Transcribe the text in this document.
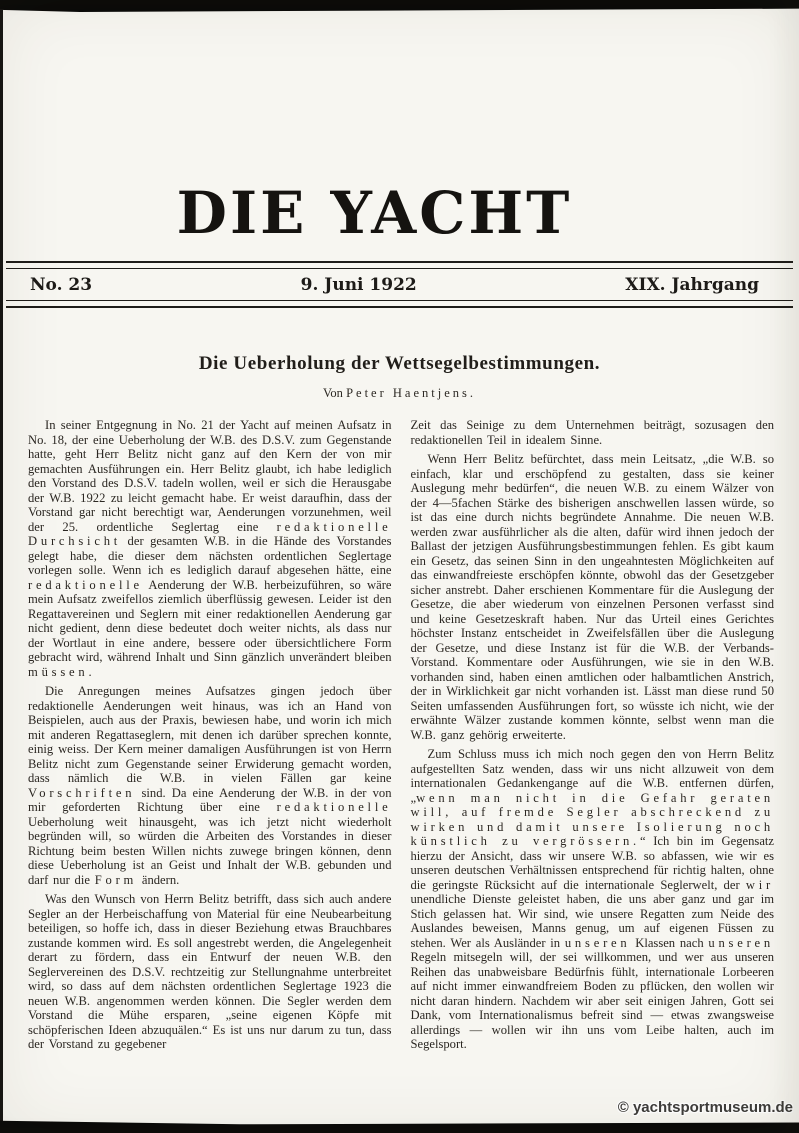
DIE YACHT
No. 23	9. Juni 1922	XIX. Jahrgang
Die Ueberholung der Wettsegelbestimmungen.
Von Peter Haentjens.

In seiner Entgegnung in No. 21 der Yacht auf meinen Aufsatz in No. 18, der eine Ueberholung der W.B. des D.S.V. zum Gegenstande hatte, geht Herr Belitz nicht ganz auf den Kern der von mir gemachten Ausführungen ein. Herr Belitz glaubt, ich habe lediglich den Vorstand des D.S.V. tadeln wollen, weil er sich die Herausgabe der W.B. 1922 zu leicht gemacht habe. Er weist daraufhin, dass der Vorstand gar nicht berechtigt war, Aenderungen vorzunehmen, weil der 25. ordentliche Seglertag eine redaktionelle Durchsicht der gesamten W.B. in die Hände des Vorstandes gelegt habe, die dieser dem nächsten ordentlichen Seglertage vorlegen solle. Wenn ich es lediglich darauf abgesehen hätte, eine redaktionelle Aenderung der W.B. herbeizuführen, so wäre mein Aufsatz zweifellos ziemlich überflüssig gewesen. Leider ist den Regattavereinen und Seglern mit einer redaktionellen Aenderung gar nicht gedient, denn diese bedeutet doch weiter nichts, als dass nur der Wortlaut in eine andere, bessere oder übersichtlichere Form gebracht wird, während Inhalt und Sinn gänzlich unverändert bleiben müssen.

Die Anregungen meines Aufsatzes gingen jedoch über redaktionelle Aenderungen weit hinaus, was ich an Hand von Beispielen, auch aus der Praxis, bewiesen habe, und worin ich mich mit anderen Regattaseglern, mit denen ich darüber sprechen konnte, einig weiss. Der Kern meiner damaligen Ausführungen ist von Herrn Belitz nicht zum Gegenstande seiner Erwiderung gemacht worden, dass nämlich die W.B. in vielen Fällen gar keine Vorschriften sind. Da eine Aenderung der W.B. in der von mir geforderten Richtung über eine redaktionelle Ueberholung weit hinausgeht, was ich jetzt nicht wiederholt begründen will, so würden die Arbeiten des Vorstandes in dieser Richtung beim besten Willen nichts zuwege bringen können, denn diese Ueberholung ist an Geist und Inhalt der W.B. gebunden und darf nur die Form ändern.

Was den Wunsch von Herrn Belitz betrifft, dass sich auch andere Segler an der Herbeischaffung von Material für eine Neubearbeitung beteiligen, so hoffe ich, dass in dieser Beziehung etwas Brauchbares zustande kommen wird. Es soll angestrebt werden, die Angelegenheit derart zu fördern, dass ein Entwurf der neuen W.B. den Seglervereinen des D.S.V. rechtzeitig zur Stellungnahme unterbreitet wird, so dass auf dem nächsten ordentlichen Seglertage 1923 die neuen W.B. angenommen werden können. Die Segler werden dem Vorstand die Mühe ersparen, „seine eigenen Köpfe mit schöpferischen Ideen abzuquälen.“ Es ist uns nur darum zu tun, dass der Vorstand zu gegebener

Zeit das Seinige zu dem Unternehmen beiträgt, sozusagen den redaktionellen Teil in idealem Sinne.

Wenn Herr Belitz befürchtet, dass mein Leitsatz, „die W.B. so einfach, klar und erschöpfend zu gestalten, dass sie keiner Auslegung mehr bedürfen“, die neuen W.B. zu einem Wälzer von der 4—5fachen Stärke des bisherigen anschwellen lassen würde, so ist das eine durch nichts begründete Annahme. Die neuen W.B. werden zwar ausführlicher als die alten, dafür wird ihnen jedoch der Ballast der jetzigen Ausführungsbestimmungen fehlen. Es gibt kaum ein Gesetz, das seinen Sinn in den ungeahntesten Möglichkeiten auf das einwandfreieste erschöpfen könnte, obwohl das der Gesetzgeber sicher anstrebt. Daher erschienen Kommentare für die Auslegung der Gesetze, die aber wiederum von einzelnen Personen verfasst sind und keine Gesetzeskraft haben. Nur das Urteil eines Gerichtes höchster Instanz entscheidet in Zweifelsfällen über die Auslegung der Gesetze, und diese Instanz ist für die W.B. der Verbands-Vorstand. Kommentare oder Ausführungen, wie sie in den W.B. vorhanden sind, haben einen amtlichen oder halbamtlichen Anstrich, der in Wirklichkeit gar nicht vorhanden ist. Lässt man diese rund 50 Seiten umfassenden Ausführungen fort, so wüsste ich nicht, wie der erwähnte Wälzer zustande kommen könnte, selbst wenn man die W.B. ganz gehörig erweiterte.

Zum Schluss muss ich mich noch gegen den von Herrn Belitz aufgestellten Satz wenden, dass wir uns nicht allzuweit von dem internationalen Gedankengange auf die W.B. entfernen dürfen, „wenn man nicht in die Gefahr geraten will, auf fremde Segler abschreckend zu wirken und damit unsere Isolierung noch künstlich zu vergrössern.“ Ich bin im Gegensatz hierzu der Ansicht, dass wir unsere W.B. so abfassen, wie wir es unseren deutschen Verhältnissen entsprechend für richtig halten, ohne die geringste Rücksicht auf die internationale Seglerwelt, der wir unendliche Dienste geleistet haben, die uns aber ganz und gar im Stich gelassen hat. Wir sind, wie unsere Regatten zum Neide des Auslandes beweisen, Manns genug, um auf eigenen Füssen zu stehen. Wer als Ausländer in unseren Klassen nach unseren Regeln mitsegeln will, der sei willkommen, und wer aus unseren Reihen das unabweisbare Bedürfnis fühlt, internationale Lorbeeren auf nicht immer einwandfreiem Boden zu pflücken, den wollen wir nicht daran hindern. Nachdem wir aber seit einigen Jahren, Gott sei Dank, vom Internationalismus befreit sind — etwas zwangsweise allerdings — wollen wir ihn uns vom Leibe halten, auch im Segelsport.

© yachtsportmuseum.de
